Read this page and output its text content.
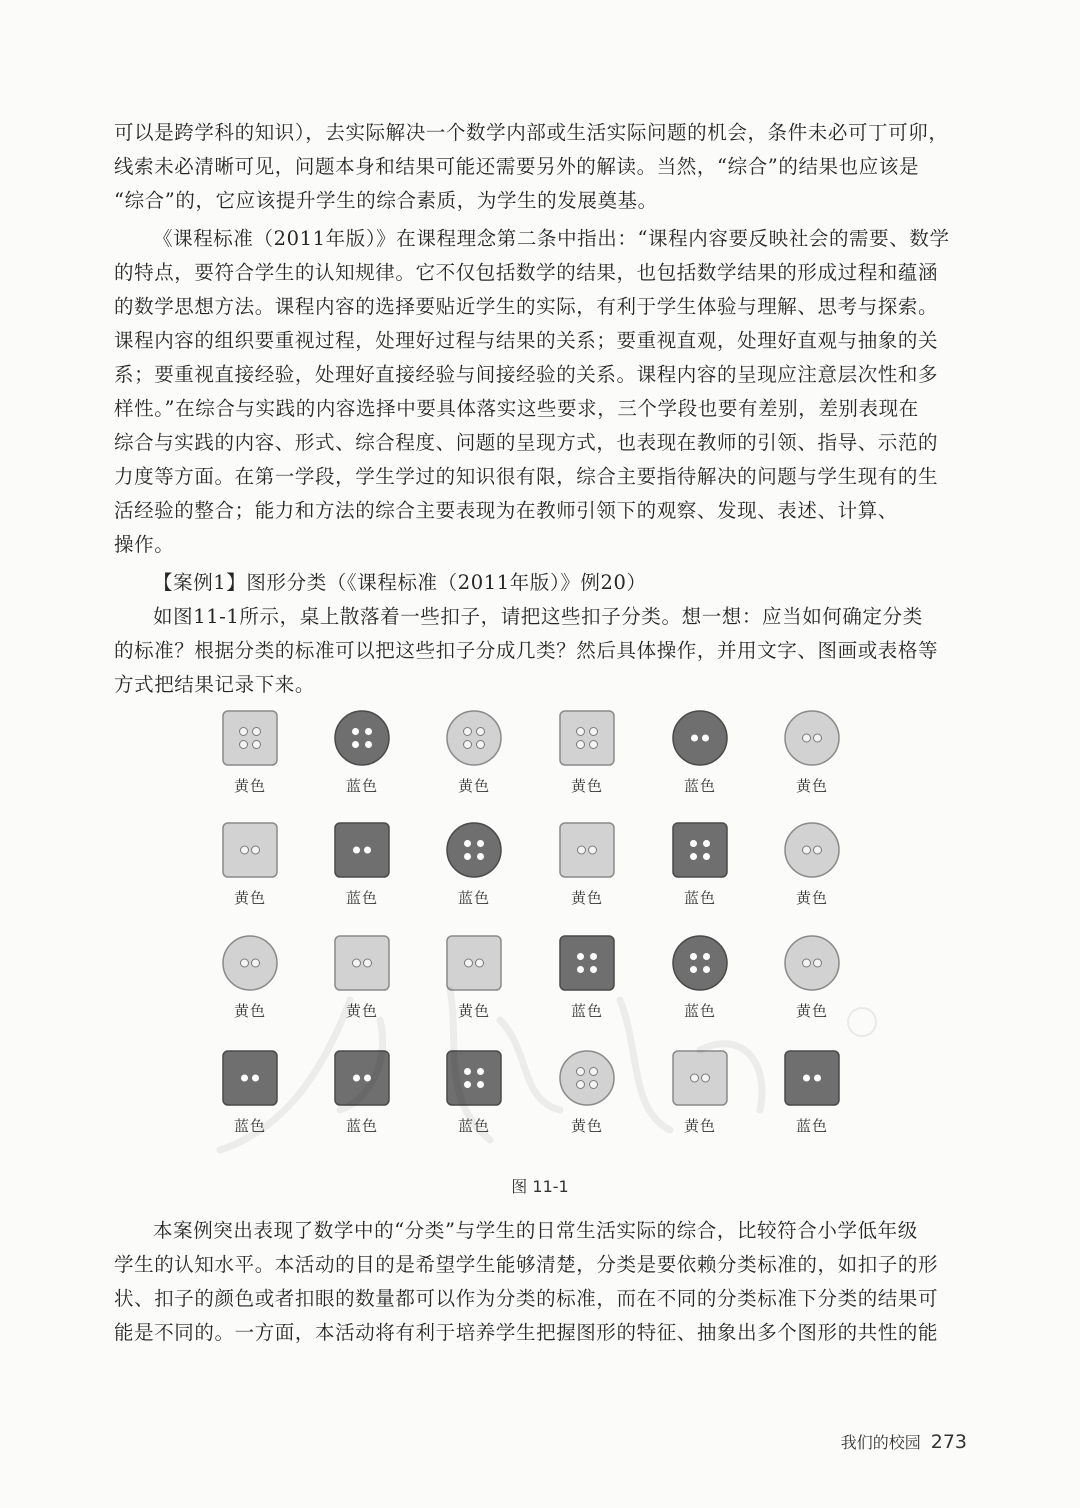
可以是跨学科的知识），去实际解决一个数学内部或生活实际问题的机会，条件未必可丁可卯，
线索未必清晰可见，问题本身和结果可能还需要另外的解读。当然，“综合”的结果也应该是
“综合”的，它应该提升学生的综合素质，为学生的发展奠基。
《课程标准（2011年版）》在课程理念第二条中指出：“课程内容要反映社会的需要、数学
的特点，要符合学生的认知规律。它不仅包括数学的结果，也包括数学结果的形成过程和蕴涵
的数学思想方法。课程内容的选择要贴近学生的实际，有利于学生体验与理解、思考与探索。
课程内容的组织要重视过程，处理好过程与结果的关系；要重视直观，处理好直观与抽象的关
系；要重视直接经验，处理好直接经验与间接经验的关系。课程内容的呈现应注意层次性和多
样性。”在综合与实践的内容选择中要具体落实这些要求，三个学段也要有差别，差别表现在
综合与实践的内容、形式、综合程度、问题的呈现方式，也表现在教师的引领、指导、示范的
力度等方面。在第一学段，学生学过的知识很有限，综合主要指待解决的问题与学生现有的生
活经验的整合；能力和方法的综合主要表现为在教师引领下的观察、发现、表述、计算、
操作。
【案例1】图形分类（《课程标准（2011年版）》例20）
如图11-1所示，桌上散落着一些扣子，请把这些扣子分类。想一想：应当如何确定分类
的标准？根据分类的标准可以把这些扣子分成几类？然后具体操作，并用文字、图画或表格等
方式把结果记录下来。
黄色	蓝色	黄色	黄色	蓝色	黄色
黄色	蓝色	蓝色	黄色	蓝色	黄色
黄色	黄色	黄色	蓝色	蓝色	黄色
蓝色	蓝色	蓝色	黄色	黄色	蓝色
图 11-1
本案例突出表现了数学中的“分类”与学生的日常生活实际的综合，比较符合小学低年级
学生的认知水平。本活动的目的是希望学生能够清楚，分类是要依赖分类标准的，如扣子的形
状、扣子的颜色或者扣眼的数量都可以作为分类的标准，而在不同的分类标准下分类的结果可
能是不同的。一方面，本活动将有利于培养学生把握图形的特征、抽象出多个图形的共性的能
我们的校园 273
